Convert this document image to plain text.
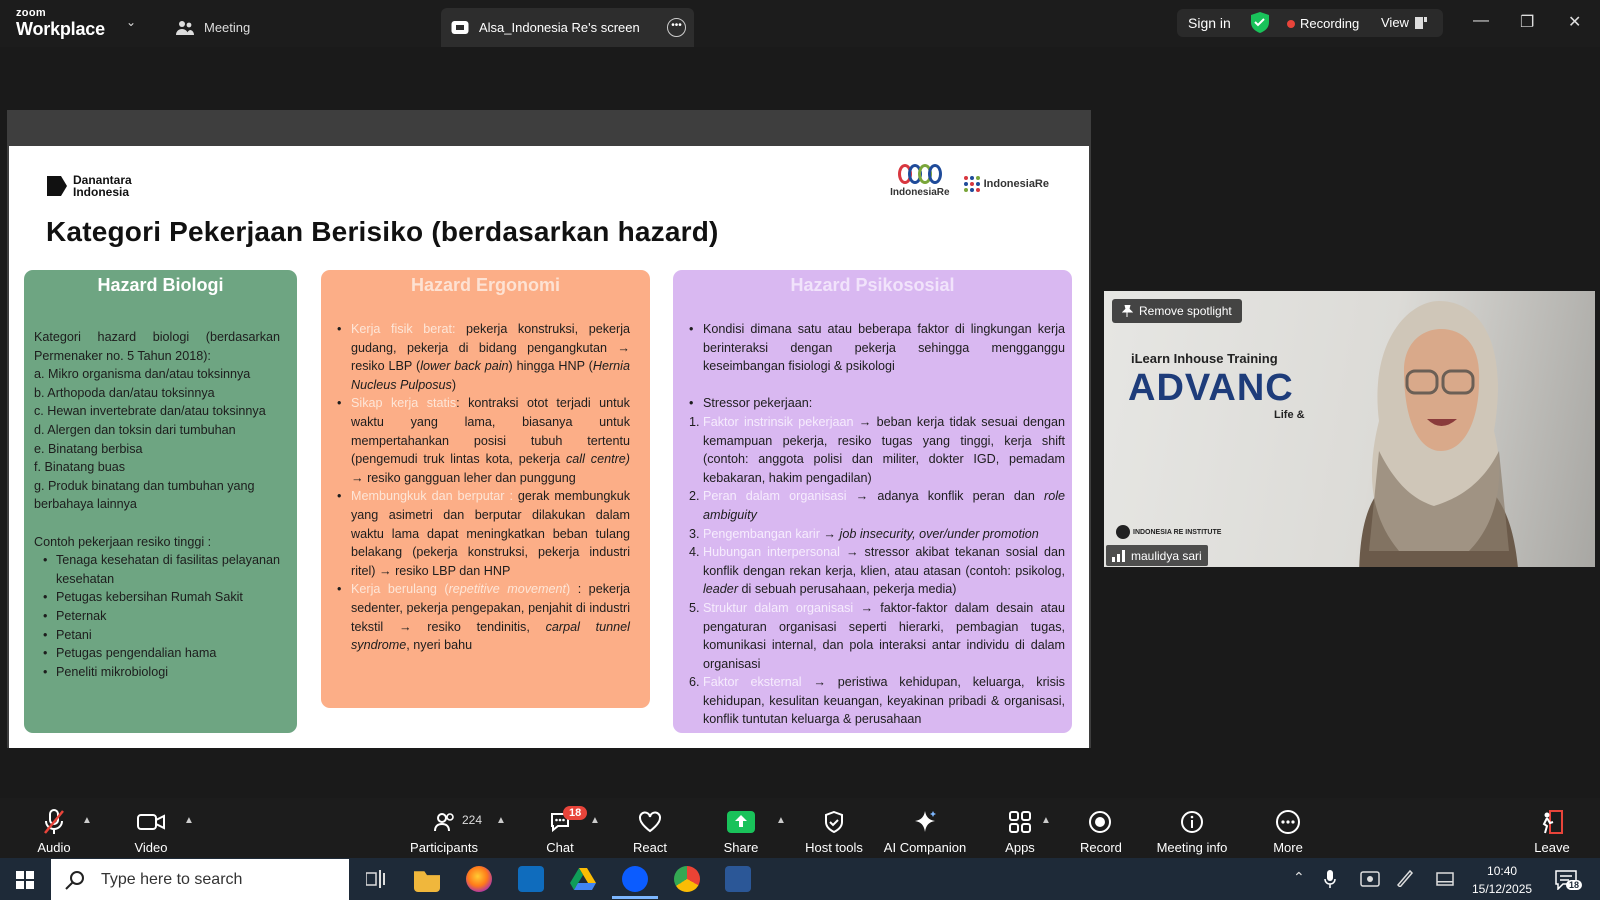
zoom
Workplace ⌄	Meeting	Alsa_Indonesia Re's screen	•••	Sign in	Recording View	— ❐ ✕
Danantara
Indonesia	IndonesiaRe
IndonesiaRe
Kategori Pekerjaan Berisiko (berdasarkan hazard)
Hazard Biologi

Kategori hazard biologi (berdasarkan Permenaker no. 5 Tahun 2018):

a. Mikro organisma dan/atau toksinnya

b. Arthopoda dan/atau toksinnya

c. Hewan invertebrate dan/atau toksinnya

d. Alergen dan toksin dari tumbuhan

e. Binatang berbisa

f. Binatang buas

g. Produk binatang dan tumbuhan yang berbahaya lainnya

Contoh pekerjaan resiko tinggi :

• Tenaga kesehatan di fasilitas pelayanan kesehatan
• Petugas kebersihan Rumah Sakit
• Peternak
• Petani
• Petugas pengendalian hama
• Peneliti mikrobiologi
Hazard Ergonomi
• Kerja fisik berat: pekerja konstruksi, pekerja gudang, pekerja di bidang pengangkutan → resiko LBP (lower back pain) hingga HNP (Hernia Nucleus Pulposus)
• Sikap kerja statis: kontraksi otot terjadi untuk waktu yang lama, biasanya untuk mempertahankan posisi tubuh tertentu (pengemudi truk lintas kota, pekerja call centre) → resiko gangguan leher dan punggung
• Membungkuk dan berputar : gerak membungkuk yang asimetri dan berputar dilakukan dalam waktu lama dapat meningkatkan beban tulang belakang (pekerja konstruksi, pekerja industri ritel) → resiko LBP dan HNP
• Kerja berulang (repetitive movement) : pekerja sedenter, pekerja pengepakan, penjahit di industri tekstil → resiko tendinitis, carpal tunnel syndrome, nyeri bahu
Hazard Psikososial
• Kondisi dimana satu atau beberapa faktor di lingkungan kerja berinteraksi dengan pekerja sehingga mengganggu keseimbangan fisiologi & psikologi
• Stressor pekerjaan:
1. Faktor instrinsik pekerjaan → beban kerja tidak sesuai dengan kemampuan pekerja, resiko tugas yang tinggi, kerja shift (contoh: anggota polisi dan militer, dokter IGD, pemadam kebakaran, hakim pengadilan)
2. Peran dalam organisasi → adanya konflik peran dan role ambiguity
3. Pengembangan karir → job insecurity, over/under promotion
4. Hubungan interpersonal → stressor akibat tekanan sosial dan konflik dengan rekan kerja, klien, atau atasan (contoh: psikolog, leader di sebuah perusahaan, pekerja media)
5. Struktur dalam organisasi → faktor-faktor dalam desain atau pengaturan organisasi seperti hierarki, pembagian tugas, komunikasi internal, dan pola interaksi antar individu di dalam organisasi
6. Faktor eksternal → peristiwa kehidupan, keluarga, krisis kehidupan, kesulitan keuangan, keyakinan pribadi & organisasi, konflik tuntutan keluarga & perusahaan
iLearn Inhouse Training
ADVANC
Life &
Remove spotlight
INDONESIA RE INSTITUTE
maulidya sari
Audio
▲
Video
▲
Participants
224 ▲
Chat
18
▲
React	Share
▲
Host tools AI Companion	Apps
▲
Record	Meeting info	More	Leave
Type here to search	⌃	10:40
15/12/2025	18
